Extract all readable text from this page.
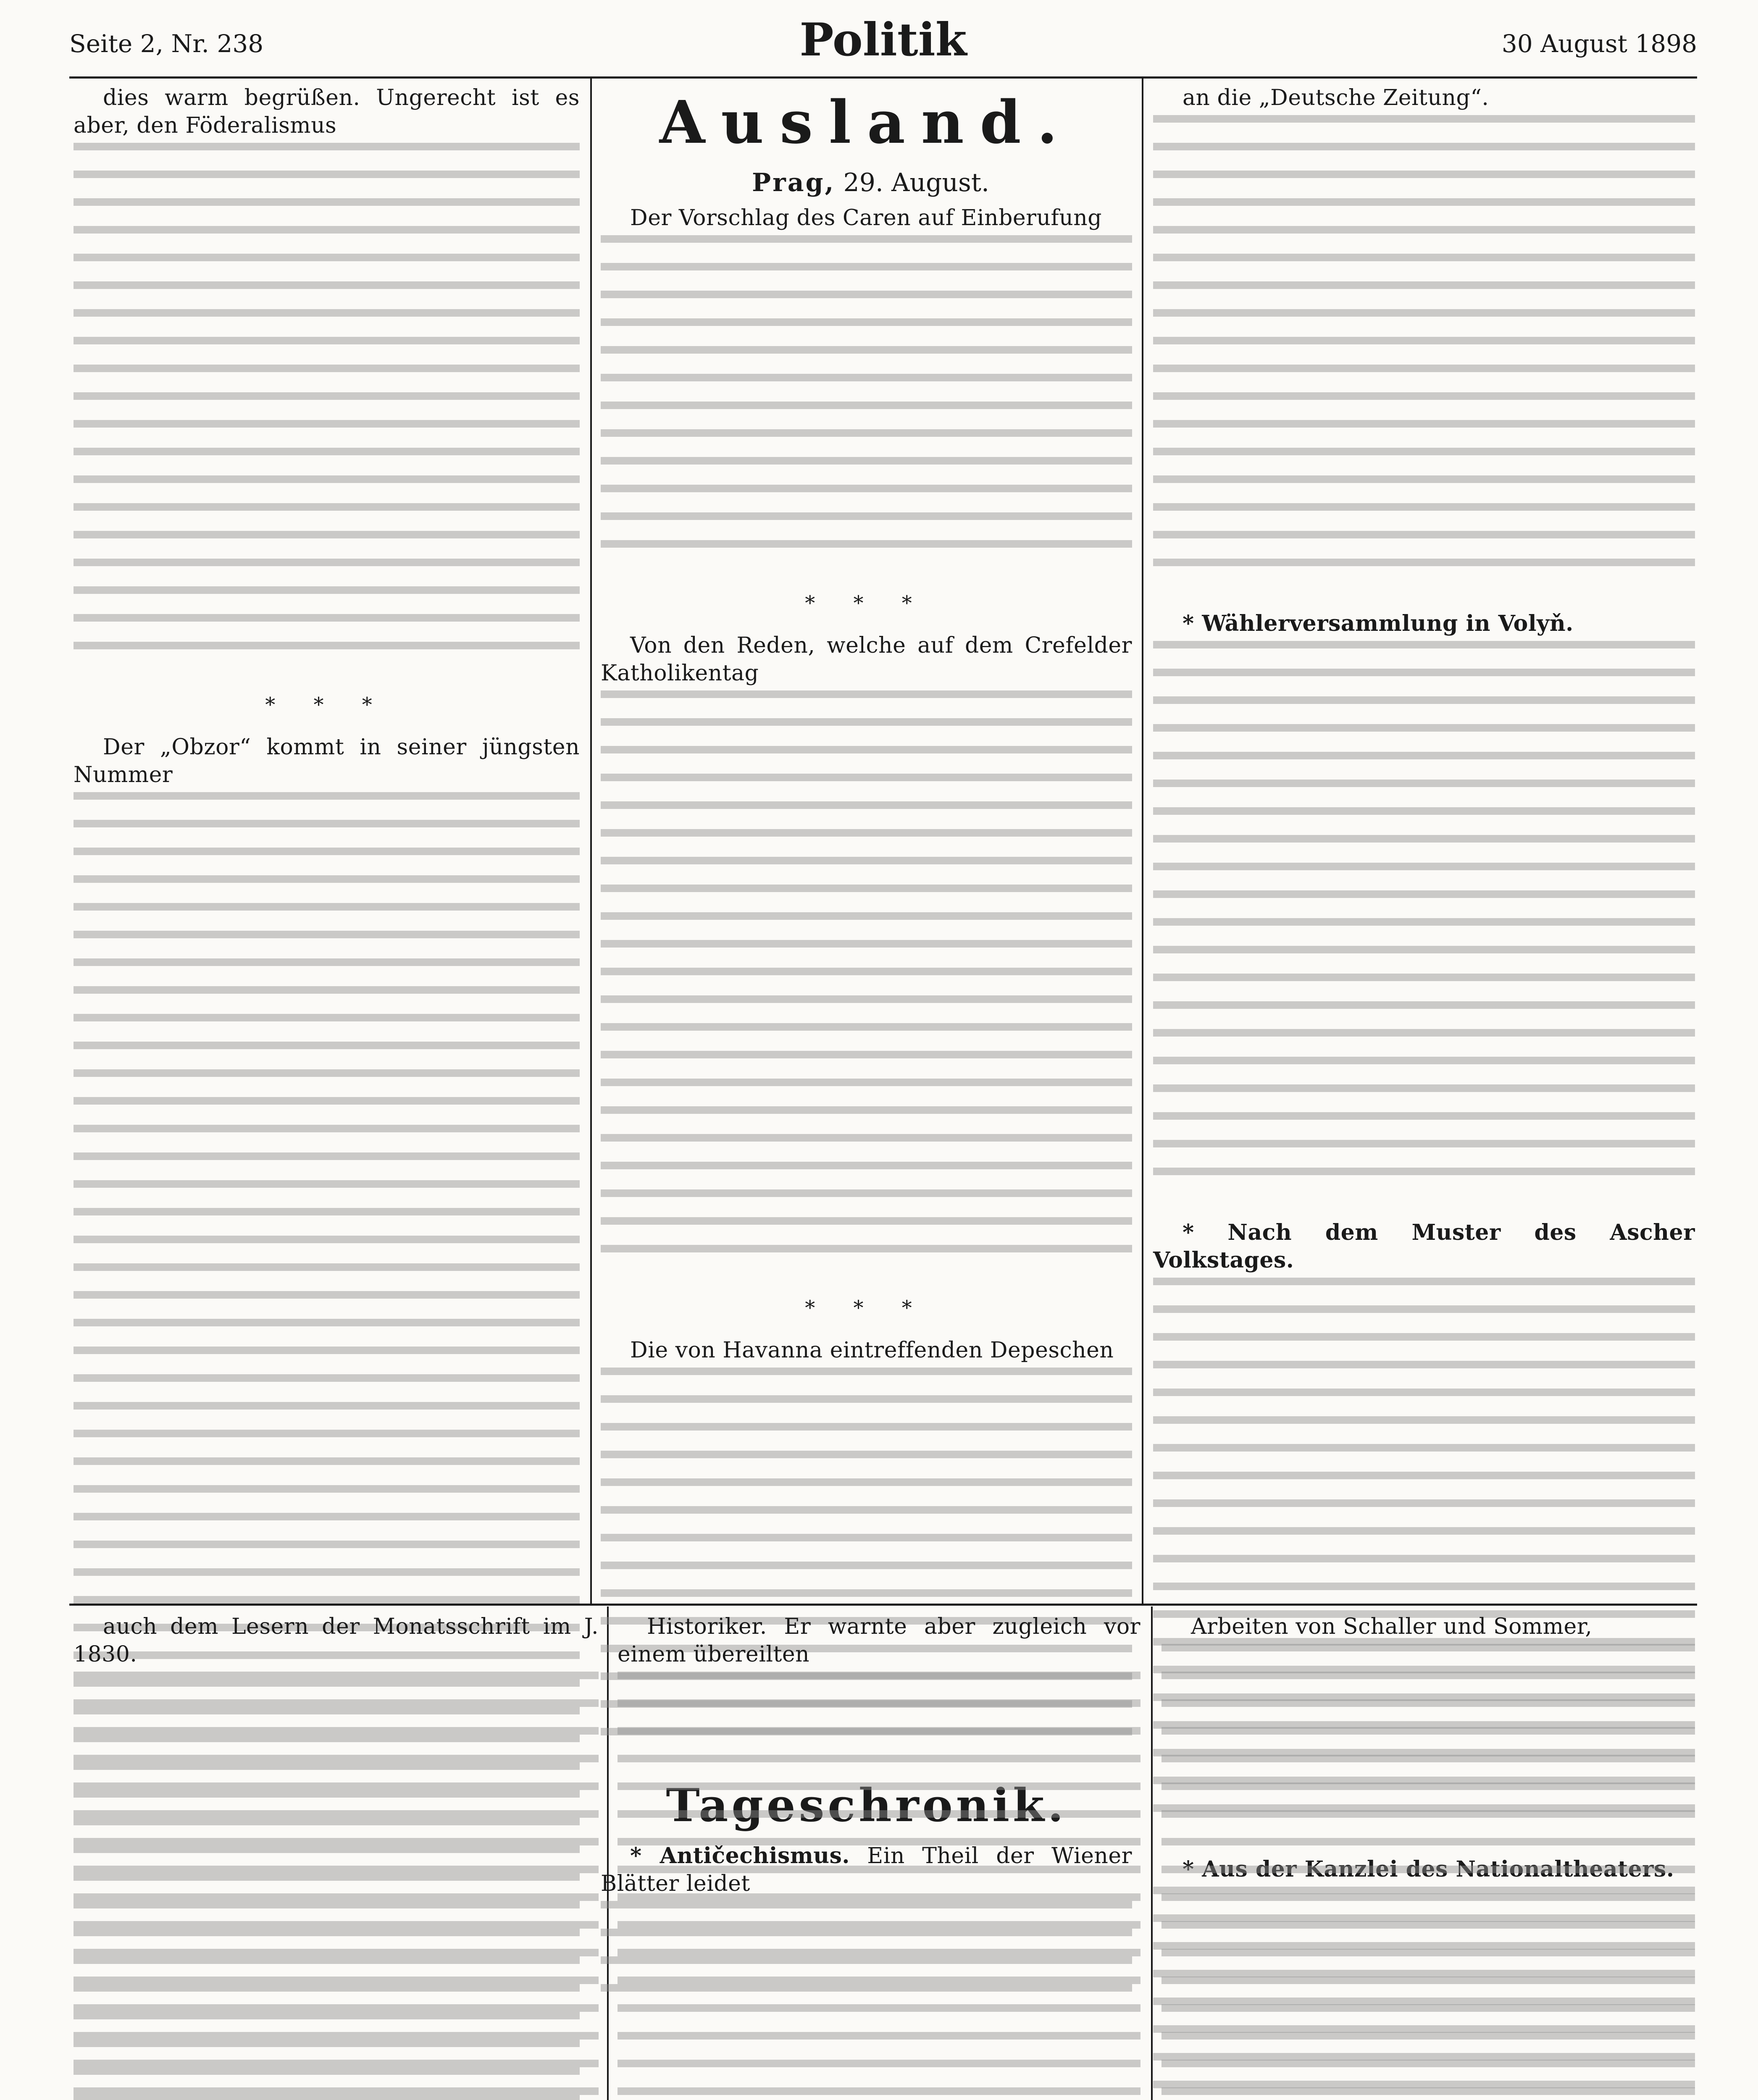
Seite 2, Nr. 238	Politik	30 August 1898

dies warm begrüßen. Ungerecht ist es aber, den Föderalismus

* * *

Der „Obzor“ kommt in seiner jüngsten Nummer

Ausland.

Prag, 29. August.

Der Vorschlag des Caren auf Einberufung

* * *

Von den Reden, welche auf dem Crefelder Katholikentag

* * *

Die von Havanna eintreffenden Depeschen

Tageschronik.

* Antičechismus. Ein Theil der Wiener Blätter leidet

an die „Deutsche Zeitung“.

* Wählerversammlung in Volyň.

* Nach dem Muster des Ascher Volkstages.

* Aus der Kanzlei des Nationaltheaters.

auch dem Lesern der Monatsschrift im J. 1830.

Historiker. Er warnte aber zugleich vor einem übereilten

Arbeiten von Schaller und Sommer,
